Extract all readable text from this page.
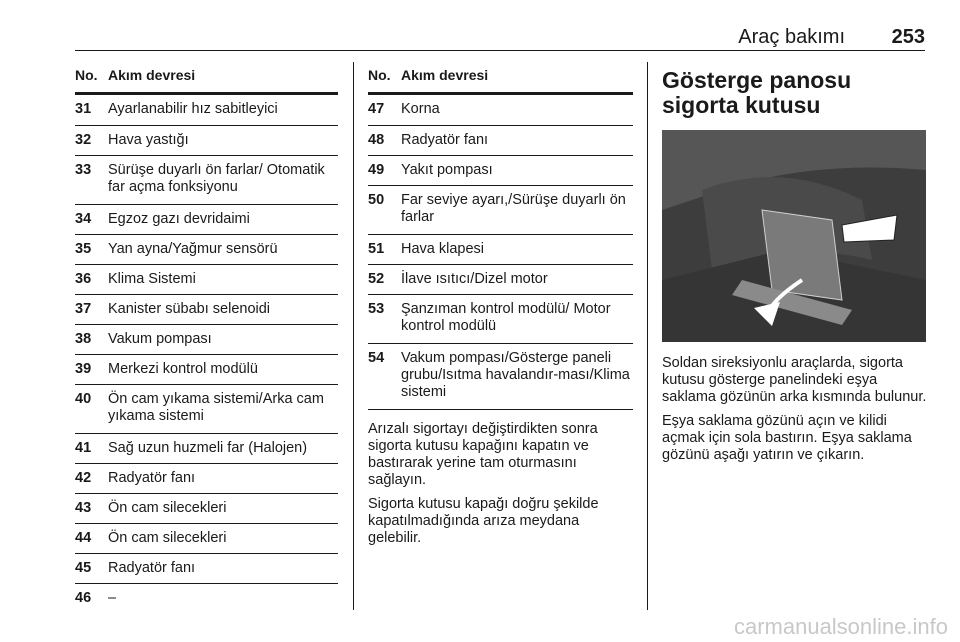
Araç bakımı 253
No. Akım devresi
31 Ayarlanabilir hız sabitleyici
32 Hava yastığı
33 Sürüşe duyarlı ön farlar/ Otomatik far açma fonksiyonu
34 Egzoz gazı devridaimi
35 Yan ayna/Yağmur sensörü
36 Klima Sistemi
37 Kanister sübabı selenoidi
38 Vakum pompası
39 Merkezi kontrol modülü
40 Ön cam yıkama sistemi/Arka cam yıkama sistemi
41 Sağ uzun huzmeli far (Halojen)
42 Radyatör fanı
43 Ön cam silecekleri
44 Ön cam silecekleri
45 Radyatör fanı
46 –
No. Akım devresi
47 Korna
48 Radyatör fanı
49 Yakıt pompası
50 Far seviye ayarı,/Sürüşe duyarlı ön farlar
51 Hava klapesi
52 İlave ısıtıcı/Dizel motor
53 Şanzıman kontrol modülü/ Motor kontrol modülü
54 Vakum pompası/Gösterge paneli grubu/Isıtma havalandır-ması/Klima sistemi

Arızalı sigortayı değiştirdikten sonra sigorta kutusu kapağını kapatın ve bastırarak yerine tam oturmasını sağlayın.

Sigorta kutusu kapağı doğru şekilde kapatılmadığında arıza meydana gelebilir.

Gösterge panosu sigorta kutusu

Soldan sireksiyonlu araçlarda, sigorta kutusu gösterge panelindeki eşya saklama gözünün arka kısmında bulunur.

Eşya saklama gözünü açın ve kilidi açmak için sola bastırın. Eşya saklama gözünü aşağı yatırın ve çıkarın.

carmanualsonline.info
